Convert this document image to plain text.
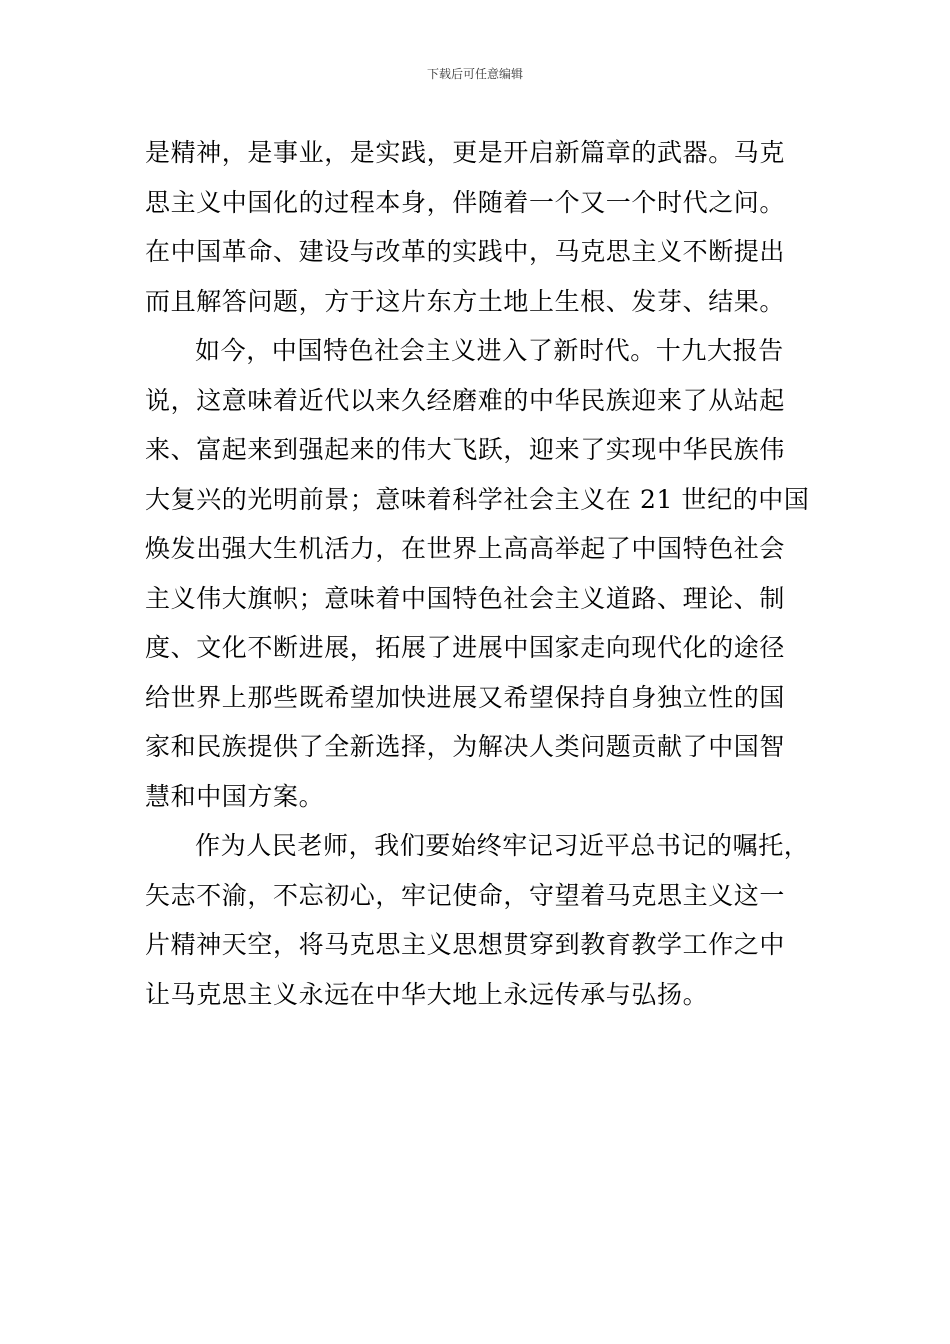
下载后可任意编辑
是精神，是事业，是实践，更是开启新篇章的武器。马克
思主义中国化的过程本身，伴随着一个又一个时代之问。
在中国革命、建设与改革的实践中，马克思主义不断提出
而且解答问题，方于这片东方土地上生根、发芽、结果。
如今，中国特色社会主义进入了新时代。十九大报告
说，这意味着近代以来久经磨难的中华民族迎来了从站起
来、富起来到强起来的伟大飞跃，迎来了实现中华民族伟
大复兴的光明前景；意味着科学社会主义在 21 世纪的中国
焕发出强大生机活力，在世界上高高举起了中国特色社会
主义伟大旗帜；意味着中国特色社会主义道路、理论、制
度、文化不断进展，拓展了进展中国家走向现代化的途径
给世界上那些既希望加快进展又希望保持自身独立性的国
家和民族提供了全新选择，为解决人类问题贡献了中国智
慧和中国方案。
作为人民老师，我们要始终牢记习近平总书记的嘱托，
矢志不渝，不忘初心，牢记使命，守望着马克思主义这一
片精神天空，将马克思主义思想贯穿到教育教学工作之中
让马克思主义永远在中华大地上永远传承与弘扬。
